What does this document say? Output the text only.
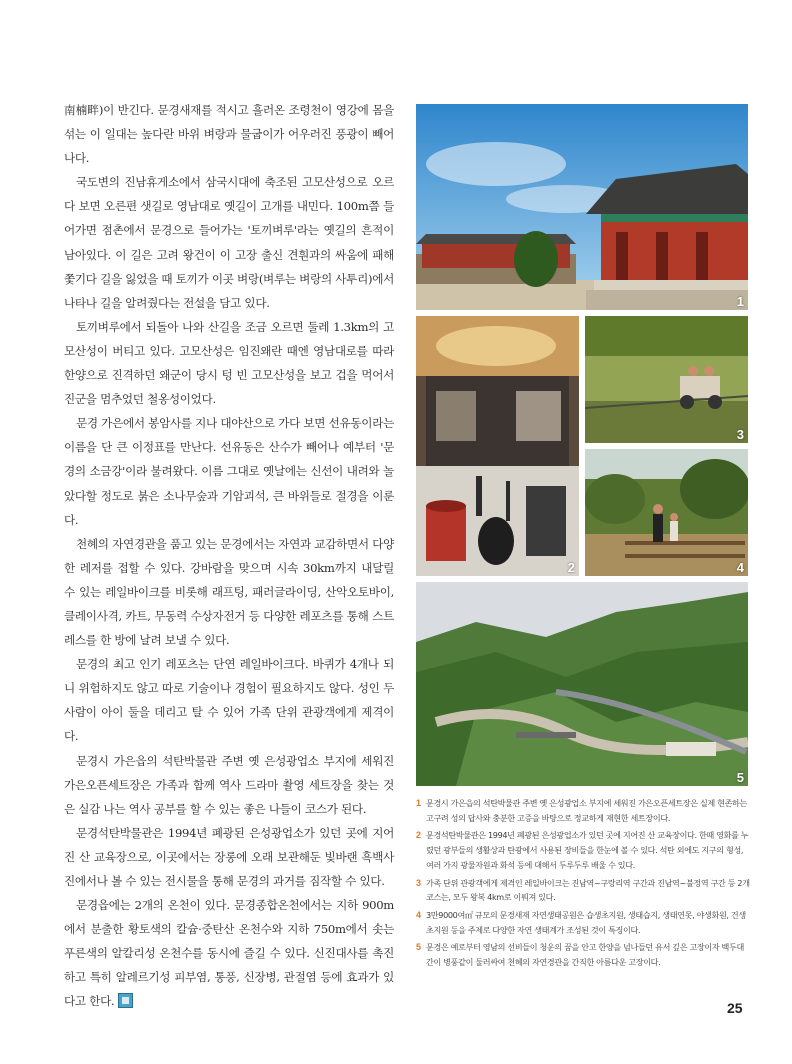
南楠畔)이 반긴다. 문경새재를 적시고 흘러온 조령천이 영강에 몸을 섞는 이 일대는 높다란 바위 벼랑과 물굽이가 어우러진 풍광이 빼어나다.

국도변의 진남휴게소에서 삼국시대에 축조된 고모산성으로 오르다 보면 오른편 샛길로 영남대로 옛길이 고개를 내민다. 100m쯤 들어가면 점촌에서 문경으로 들어가는 '토끼벼루'라는 옛길의 흔적이 남아있다. 이 길은 고려 왕건이 이 고장 출신 견훤과의 싸움에 패해 쫓기다 길을 잃었을 때 토끼가 이곳 벼랑(벼루는 벼랑의 사투리)에서 나타나 길을 알려줬다는 전설을 담고 있다.

토끼벼루에서 되돌아 나와 산길을 조금 오르면 둘레 1.3km의 고모산성이 버티고 있다. 고모산성은 임진왜란 때엔 영남대로를 따라 한양으로 진격하던 왜군이 당시 텅 빈 고모산성을 보고 겁을 먹어서 진군을 멈추었던 철옹성이었다.

문경 가은에서 봉암사를 지나 대야산으로 가다 보면 선유동이라는 이름을 단 큰 이정표를 만난다. 선유동은 산수가 빼어나 예부터 '문경의 소금강'이라 불려왔다. 이름 그대로 옛날에는 신선이 내려와 놀았다할 정도로 붉은 소나무숲과 기암괴석, 큰 바위들로 절경을 이룬다.

천혜의 자연경관을 품고 있는 문경에서는 자연과 교감하면서 다양한 레저를 접할 수 있다. 강바람을 맞으며 시속 30km까지 내달릴 수 있는 레일바이크를 비롯해 래프팅, 패러글라이딩, 산악오토바이, 클레이사격, 카트, 무동력 수상자전거 등 다양한 레포츠를 통해 스트레스를 한 방에 날려 보낼 수 있다.

문경의 최고 인기 레포츠는 단연 레일바이크다. 바퀴가 4개나 되니 위험하지도 않고 따로 기술이나 경험이 필요하지도 않다. 성인 두 사람이 아이 둘을 데리고 탈 수 있어 가족 단위 관광객에게 제격이다.

문경시 가은읍의 석탄박물관 주변 옛 은성광업소 부지에 세워진 가은오픈세트장은 가족과 함께 역사 드라마 촬영 세트장을 찾는 것은 실감 나는 역사 공부를 할 수 있는 좋은 나들이 코스가 된다.

문경석탄박물관은 1994년 폐광된 은성광업소가 있던 곳에 지어진 산 교육장으로, 이곳에서는 장롱에 오래 보관해둔 빛바랜 흑백사진에서나 볼 수 있는 전시물을 통해 문경의 과거를 짐작할 수 있다.

문경읍에는 2개의 온천이 있다. 문경종합온천에서는 지하 900m에서 분출한 황토색의 칼슘·중탄산 온천수와 지하 750m에서 솟는 푸른색의 알칼리성 온천수를 동시에 즐길 수 있다. 신진대사를 촉진하고 특히 알레르기성 피부염, 통풍, 신장병, 관절염 등에 효과가 있다고 한다.

1
2
3
4
5
1 문경시 가은읍의 석탄박물관 주변 옛 은성광업소 부지에 세워진 가은오픈세트장은 실제 현존하는 고구려 성의 답사와 충분한 고증을 바탕으로 정교하게 재현한 세트장이다.
2 문경석탄박물관은 1994년 폐광된 은성광업소가 있던 곳에 지어진 산 교육장이다. 한때 영화를 누렸던 광부들의 생활상과 탄광에서 사용된 장비들을 한눈에 볼 수 있다. 석탄 외에도 지구의 형성, 여러 가지 광물자원과 화석 등에 대해서 두루두루 배울 수 있다.
3 가족 단위 관광객에게 제격인 레일바이크는 진남역~구랑리역 구간과 진남역~불정역 구간 등 2개 코스는, 모두 왕복 4km로 이뤄져 있다.
4 3만9000여㎡ 규모의 문경새재 자연생태공원은 습생초지원, 생태습지, 생태연못, 야생화원, 건생초지원 등을 주제로 다양한 자연 생태계가 조성된 것이 특징이다.
5 문경은 예로부터 영남의 선비들이 청운의 꿈을 안고 한양을 넘나들던 유서 깊은 고장이자 백두대간이 병풍같이 둘러싸여 천혜의 자연경관을 간직한 아름다운 고장이다.
25
